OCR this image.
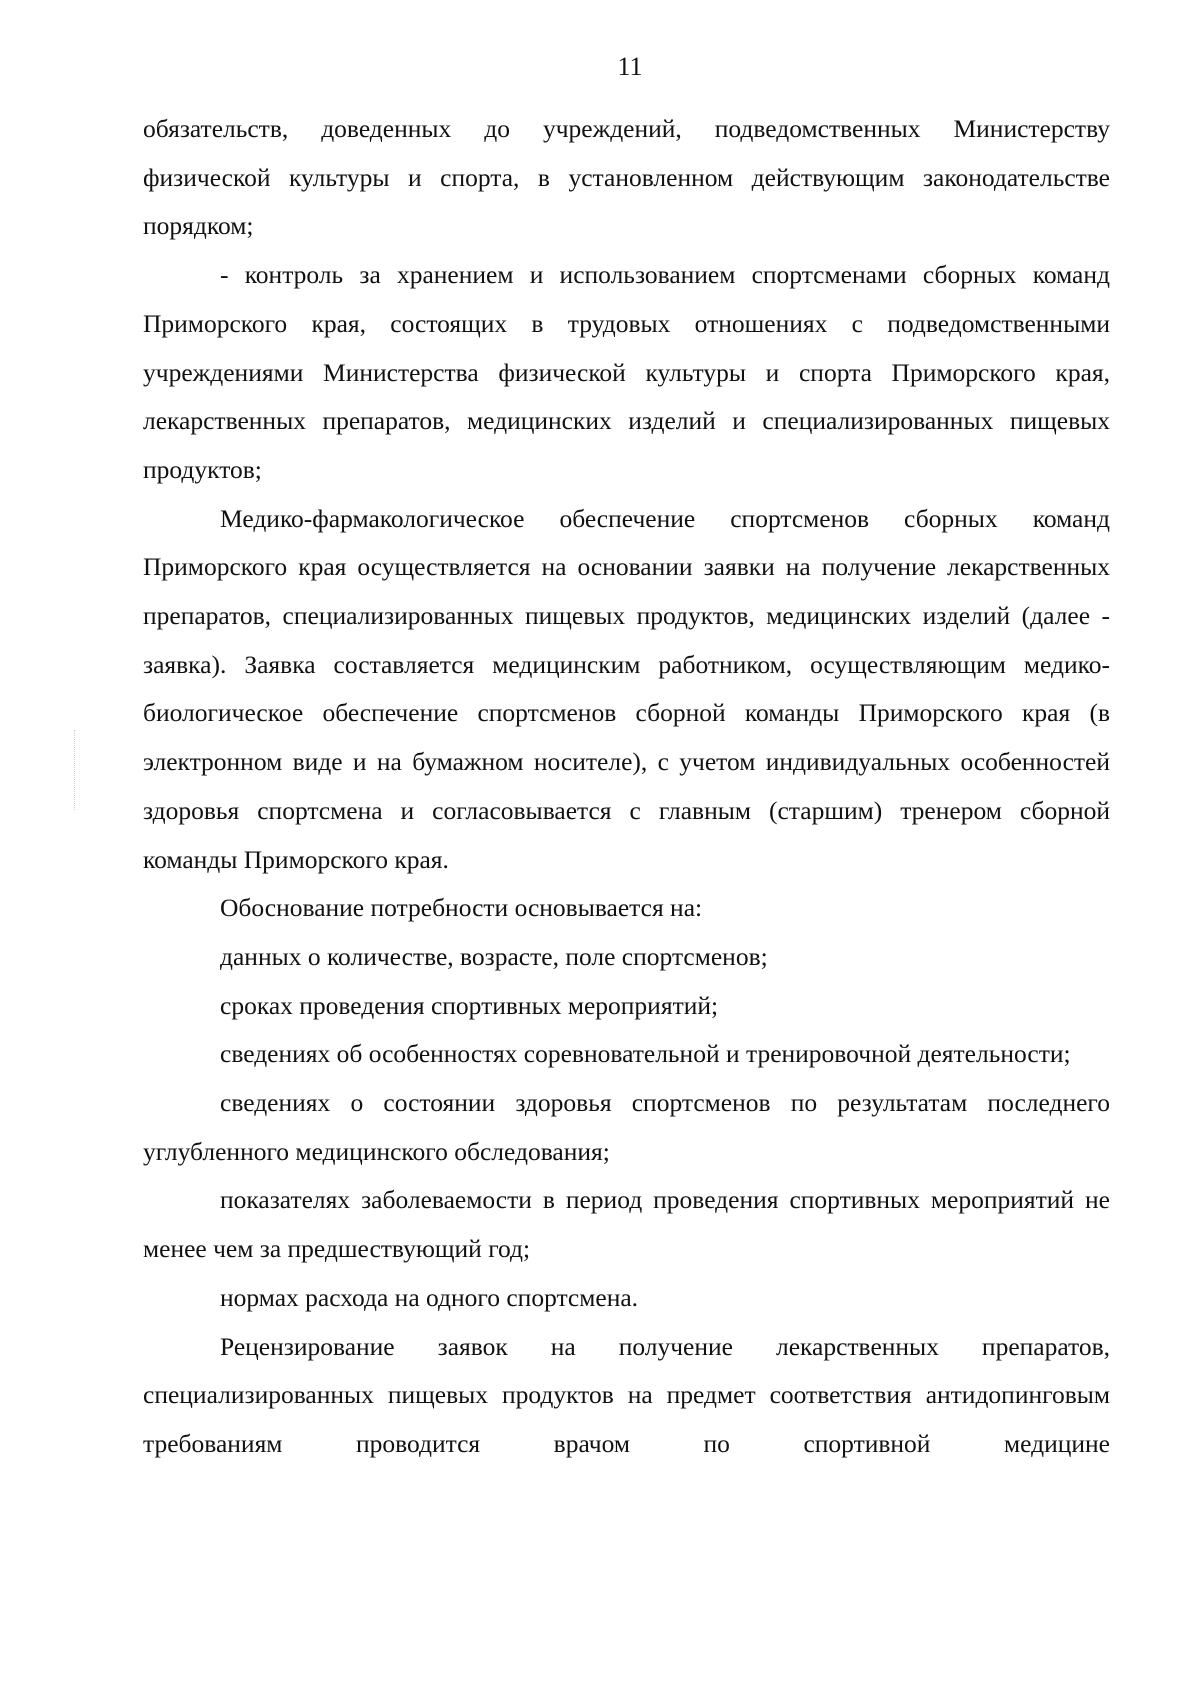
11

обязательств, доведенных до учреждений, подведомственных Министерству физической культуры и спорта, в установленном действующим законодательстве порядком;

- контроль за хранением и использованием спортсменами сборных команд Приморского края, состоящих в трудовых отношениях с подведомственными учреждениями Министерства физической культуры и спорта Приморского края, лекарственных препаратов, медицинских изделий и специализированных пищевых продуктов;

Медико-фармакологическое обеспечение спортсменов сборных команд Приморского края осуществляется на основании заявки на получение лекарственных препаратов, специализированных пищевых продуктов, медицинских изделий (далее - заявка). Заявка составляется медицинским работником, осуществляющим медико-биологическое обеспечение спортсменов сборной команды Приморского края (в электронном виде и на бумажном носителе), с учетом индивидуальных особенностей здоровья спортсмена и согласовывается с главным (старшим) тренером сборной команды Приморского края.

Обоснование потребности основывается на:

данных о количестве, возрасте, поле спортсменов;

сроках проведения спортивных мероприятий;

сведениях об особенностях соревновательной и тренировочной деятельности;

сведениях о состоянии здоровья спортсменов по результатам последнего углубленного медицинского обследования;

показателях заболеваемости в период проведения спортивных мероприятий не менее чем за предшествующий год;

нормах расхода на одного спортсмена.

Рецензирование заявок на получение лекарственных препаратов, специализированных пищевых продуктов на предмет соответствия антидопинговым требованиям проводится врачом по спортивной медицине
